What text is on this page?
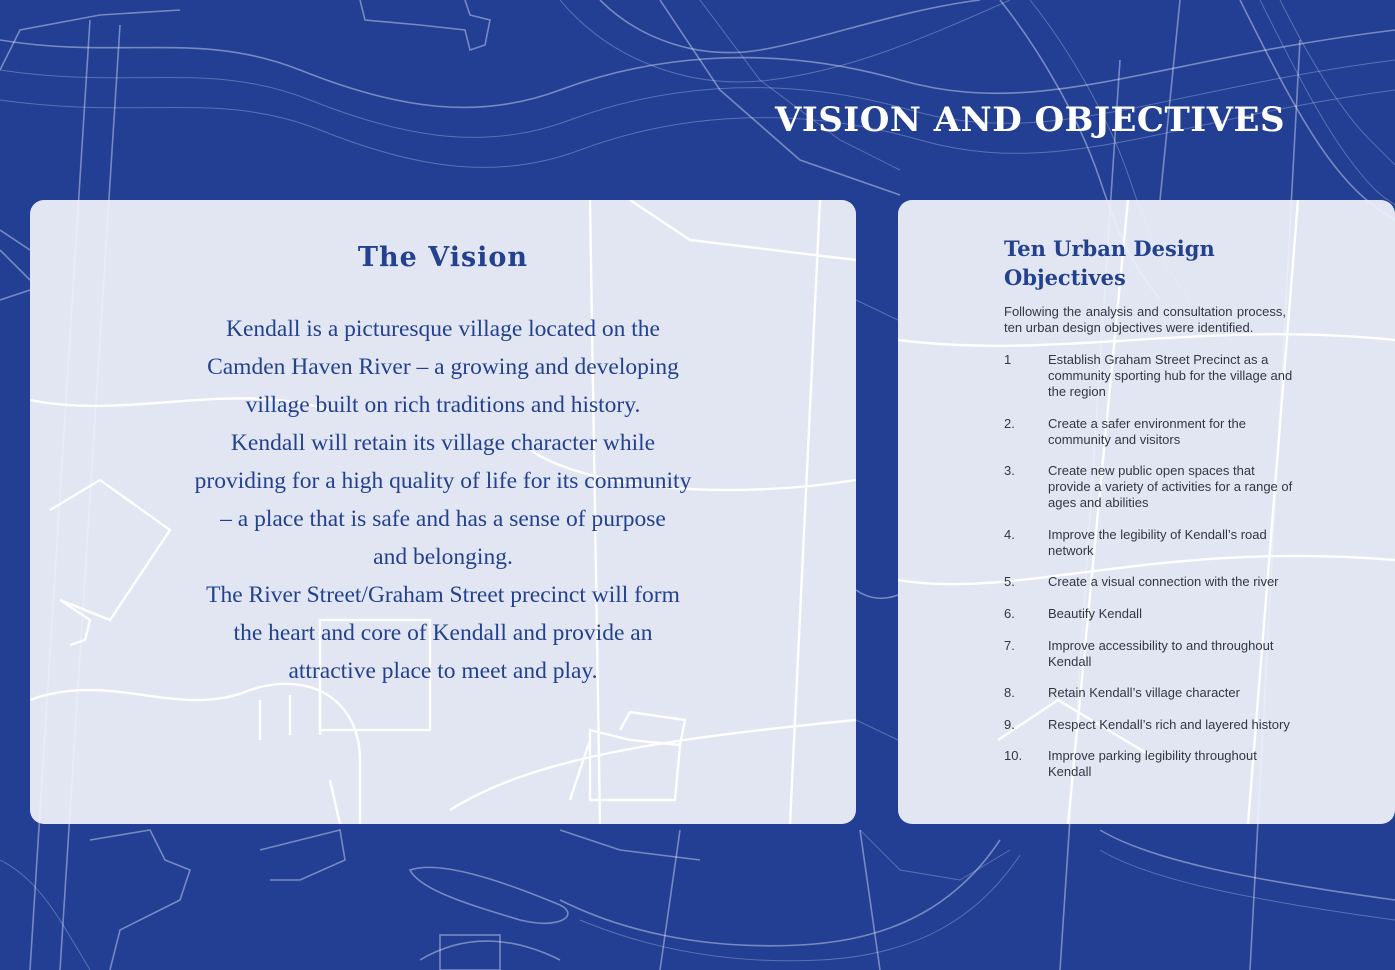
VISION AND OBJECTIVES
The Vision

Kendall is a picturesque village located on the
Camden Haven River – a growing and developing
village built on rich traditions and history.
Kendall will retain its village character while
providing for a high quality of life for its community
– a place that is safe and has a sense of purpose
and belonging.
The River Street/Graham Street precinct will form
the heart and core of Kendall and provide an
attractive place to meet and play.

Ten Urban Design Objectives

Following the analysis and consultation process, ten urban design objectives were identified.

1	Establish Graham Street Precinct as a community sporting hub for the village and the region
2.	Create a safer environment for the community and visitors
3.	Create new public open spaces that provide a variety of activities for a range of ages and abilities
4.	Improve the legibility of Kendall’s road network
5.	Create a visual connection with the river
6.	Beautify Kendall
7.	Improve accessibility to and throughout Kendall
8.	Retain Kendall’s village character
9.	Respect Kendall’s rich and layered history
10.	Improve parking legibility throughout Kendall
